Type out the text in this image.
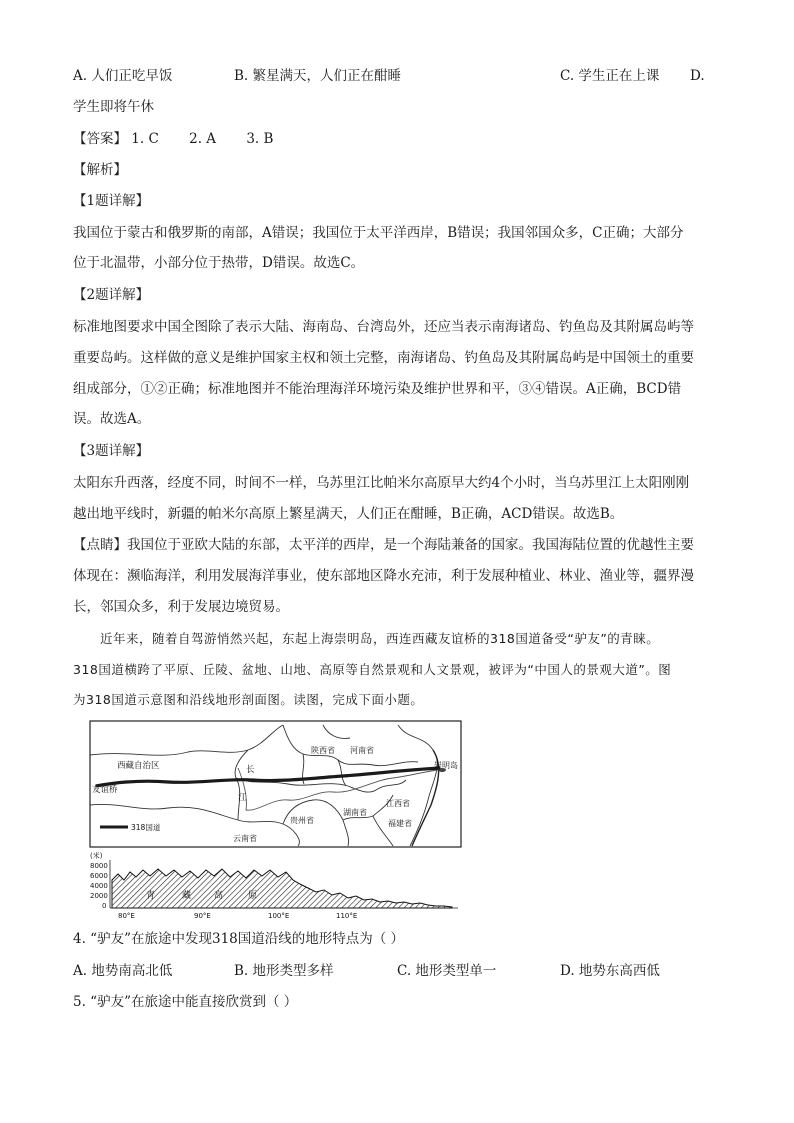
A. 人们正吃早饭	B. 繁星满天，人们正在酣睡	C. 学生正在上课 D.
学生即将午休
【答案】 1. C 2. A 3. B
【解析】
【1题详解】
我国位于蒙古和俄罗斯的南部，A错误；我国位于太平洋西岸，B错误；我国邻国众多，C正确；大部分
位于北温带，小部分位于热带，D错误。故选C。
【2题详解】
标准地图要求中国全图除了表示大陆、海南岛、台湾岛外，还应当表示南海诸岛、钓鱼岛及其附属岛屿等
重要岛屿。这样做的意义是维护国家主权和领土完整，南海诸岛、钓鱼岛及其附属岛屿是中国领土的重要
组成部分，①②正确；标准地图并不能治理海洋环境污染及维护世界和平，③④错误。A正确，BCD错
误。故选A。
【3题详解】
太阳东升西落，经度不同，时间不一样，乌苏里江比帕米尔高原早大约4个小时，当乌苏里江上太阳刚刚
越出地平线时，新疆的帕米尔高原上繁星满天，人们正在酣睡，B正确，ACD错误。故选B。
【点睛】我国位于亚欧大陆的东部，太平洋的西岸，是一个海陆兼备的国家。我国海陆位置的优越性主要
体现在：濒临海洋，利用发展海洋事业，使东部地区降水充沛，利于发展种植业、林业、渔业等，疆界漫
长，邻国众多，利于发展边境贸易。
近年来，随着自驾游悄然兴起，东起上海崇明岛，西连西藏友谊桥的318国道备受“驴友”的青睐。
318国道横跨了平原、丘陵、盆地、山地、高原等自然景观和人文景观，被评为“中国人的景观大道”。图
为318国道示意图和沿线地形剖面图。读图，完成下面小题。
西藏自治区
陕西省 河南省
崇明岛
友谊桥
长
江
江西省
湖南省
贵州省	福建省
云南省
318国道
(米)
8000
6000
4000
2000
0
青	藏	高	原
80°E	90°E	100°E	110°E
4. “驴友”在旅途中发现318国道沿线的地形特点为（ ）
A. 地势南高北低	B. 地形类型多样	C. 地形类型单一	D. 地势东高西低
5. “驴友”在旅途中能直接欣赏到（ ）
